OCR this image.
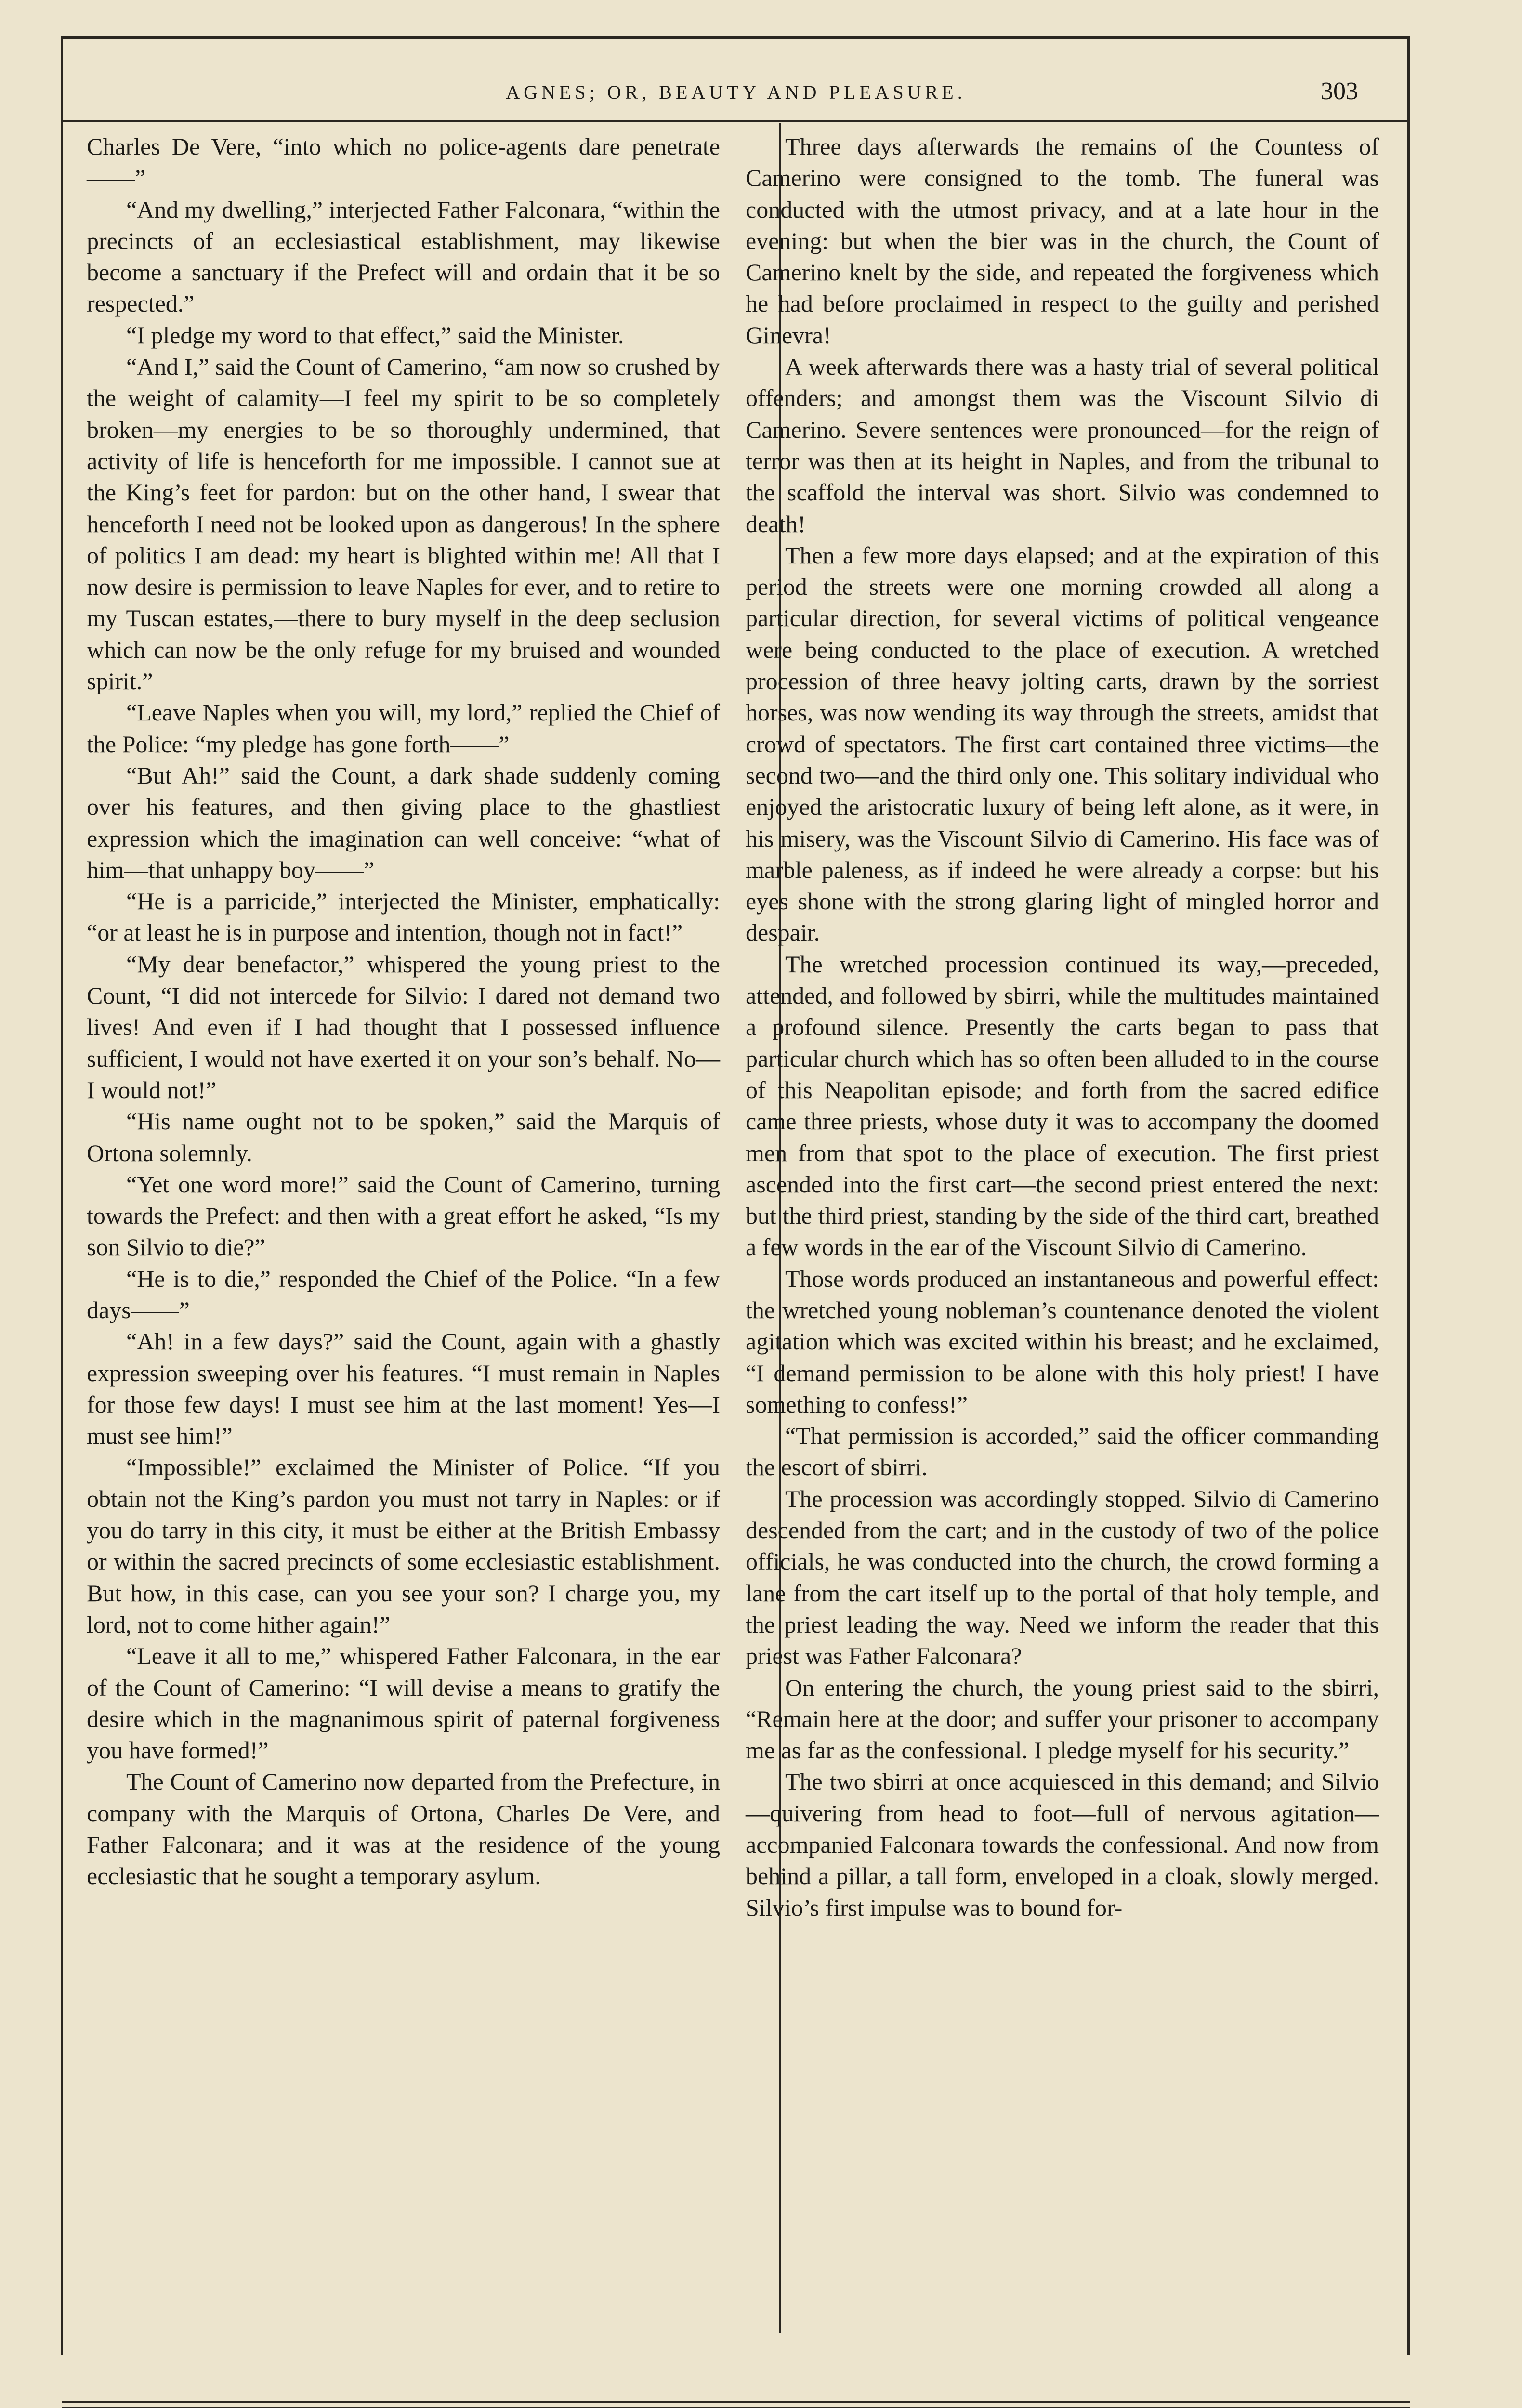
AGNES; OR, BEAUTY AND PLEASURE.	303

Charles De Vere, “into which no police-agents dare penetrate——”

“And my dwelling,” interjected Father Falconara, “within the precincts of an ecclesiastical establishment, may likewise become a sanctuary if the Prefect will and ordain that it be so respected.”

“I pledge my word to that effect,” said the Minister.

“And I,” said the Count of Camerino, “am now so crushed by the weight of calamity—I feel my spirit to be so completely broken—my energies to be so thoroughly undermined, that activity of life is henceforth for me impossible. I cannot sue at the King’s feet for pardon: but on the other hand, I swear that henceforth I need not be looked upon as dangerous! In the sphere of politics I am dead: my heart is blighted within me! All that I now desire is permission to leave Naples for ever, and to retire to my Tuscan estates,—there to bury myself in the deep seclusion which can now be the only refuge for my bruised and wounded spirit.”

“Leave Naples when you will, my lord,” replied the Chief of the Police: “my pledge has gone forth——”

“But Ah!” said the Count, a dark shade suddenly coming over his features, and then giving place to the ghastliest expression which the imagination can well conceive: “what of him—that unhappy boy——”

“He is a parricide,” interjected the Minister, emphatically: “or at least he is in purpose and intention, though not in fact!”

“My dear benefactor,” whispered the young priest to the Count, “I did not intercede for Silvio: I dared not demand two lives! And even if I had thought that I possessed influence sufficient, I would not have exerted it on your son’s behalf. No—I would not!”

“His name ought not to be spoken,” said the Marquis of Ortona solemnly.

“Yet one word more!” said the Count of Camerino, turning towards the Prefect: and then with a great effort he asked, “Is my son Silvio to die?”

“He is to die,” responded the Chief of the Police. “In a few days——”

“Ah! in a few days?” said the Count, again with a ghastly expression sweeping over his features. “I must remain in Naples for those few days! I must see him at the last moment! Yes—I must see him!”

“Impossible!” exclaimed the Minister of Police. “If you obtain not the King’s pardon you must not tarry in Naples: or if you do tarry in this city, it must be either at the British Embassy or within the sacred precincts of some ecclesiastic establishment. But how, in this case, can you see your son? I charge you, my lord, not to come hither again!”

“Leave it all to me,” whispered Father Falconara, in the ear of the Count of Camerino: “I will devise a means to gratify the desire which in the magnanimous spirit of paternal forgiveness you have formed!”

The Count of Camerino now departed from the Prefecture, in company with the Marquis of Ortona, Charles De Vere, and Father Falconara; and it was at the residence of the young ecclesiastic that he sought a temporary asylum.

Three days afterwards the remains of the Countess of Camerino were consigned to the tomb. The funeral was conducted with the utmost privacy, and at a late hour in the evening: but when the bier was in the church, the Count of Camerino knelt by the side, and repeated the forgiveness which he had before proclaimed in respect to the guilty and perished Ginevra!

A week afterwards there was a hasty trial of several political offenders; and amongst them was the Viscount Silvio di Camerino. Severe sentences were pronounced—for the reign of terror was then at its height in Naples, and from the tribunal to the scaffold the interval was short. Silvio was condemned to death!

Then a few more days elapsed; and at the expiration of this period the streets were one morning crowded all along a particular direction, for several victims of political vengeance were being conducted to the place of execution. A wretched procession of three heavy jolting carts, drawn by the sorriest horses, was now wending its way through the streets, amidst that crowd of spectators. The first cart contained three victims—the second two—and the third only one. This solitary individual who enjoyed the aristocratic luxury of being left alone, as it were, in his misery, was the Viscount Silvio di Camerino. His face was of marble paleness, as if indeed he were already a corpse: but his eyes shone with the strong glaring light of mingled horror and despair.

The wretched procession continued its way,—preceded, attended, and followed by sbirri, while the multitudes maintained a profound silence. Presently the carts began to pass that particular church which has so often been alluded to in the course of this Neapolitan episode; and forth from the sacred edifice came three priests, whose duty it was to accompany the doomed men from that spot to the place of execution. The first priest ascended into the first cart—the second priest entered the next: but the third priest, standing by the side of the third cart, breathed a few words in the ear of the Viscount Silvio di Camerino.

Those words produced an instantaneous and powerful effect: the wretched young nobleman’s countenance denoted the violent agitation which was excited within his breast; and he exclaimed, “I demand permission to be alone with this holy priest! I have something to confess!”

“That permission is accorded,” said the officer commanding the escort of sbirri.

The procession was accordingly stopped. Silvio di Camerino descended from the cart; and in the custody of two of the police officials, he was conducted into the church, the crowd forming a lane from the cart itself up to the portal of that holy temple, and the priest leading the way. Need we inform the reader that this priest was Father Falconara?

On entering the church, the young priest said to the sbirri, “Remain here at the door; and suffer your prisoner to accompany me as far as the confessional. I pledge myself for his security.”

The two sbirri at once acquiesced in this demand; and Silvio—quivering from head to foot—full of nervous agitation—accompanied Falconara towards the confessional. And now from behind a pillar, a tall form, enveloped in a cloak, slowly merged. Silvio’s first impulse was to bound for-
